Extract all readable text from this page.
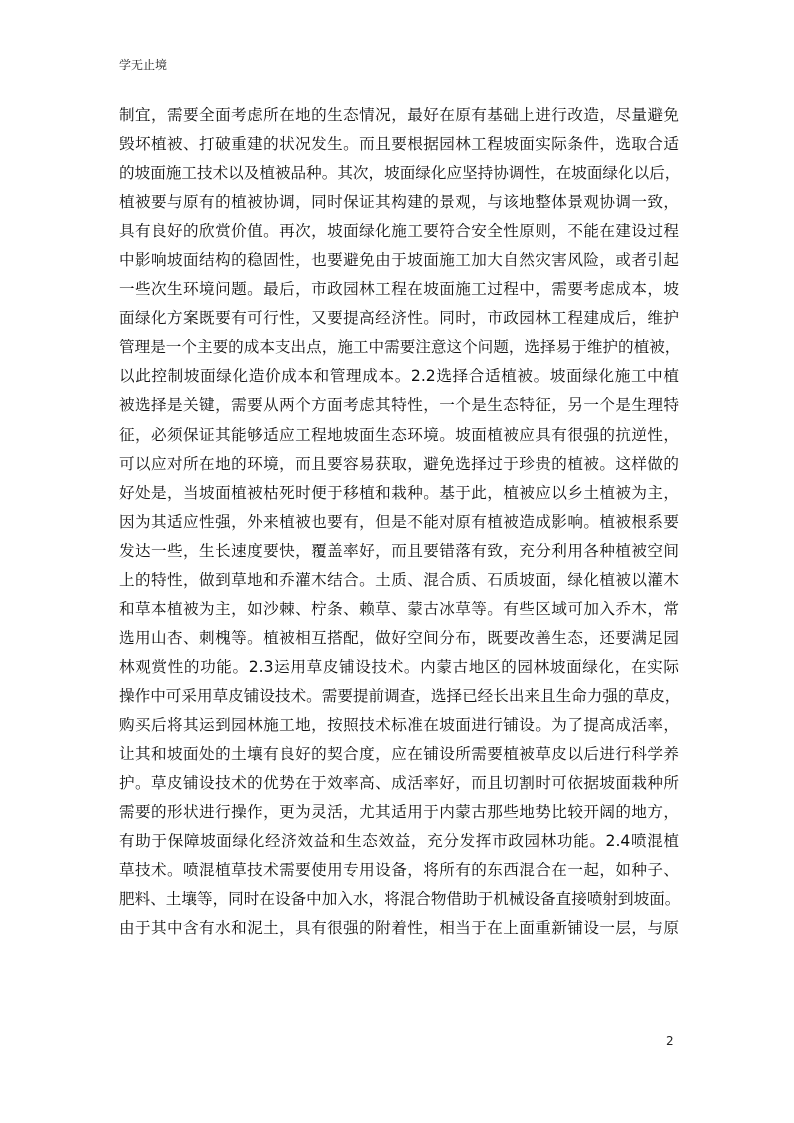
学无止境
制宜，需要全面考虑所在地的生态情况，最好在原有基础上进行改造，尽量避免
毁坏植被、打破重建的状况发生。而且要根据园林工程坡面实际条件，选取合适
的坡面施工技术以及植被品种。其次，坡面绿化应坚持协调性，在坡面绿化以后，
植被要与原有的植被协调，同时保证其构建的景观，与该地整体景观协调一致，
具有良好的欣赏价值。再次，坡面绿化施工要符合安全性原则，不能在建设过程
中影响坡面结构的稳固性，也要避免由于坡面施工加大自然灾害风险，或者引起
一些次生环境问题。最后，市政园林工程在坡面施工过程中，需要考虑成本，坡
面绿化方案既要有可行性，又要提高经济性。同时，市政园林工程建成后，维护
管理是一个主要的成本支出点，施工中需要注意这个问题，选择易于维护的植被，
以此控制坡面绿化造价成本和管理成本。2.2选择合适植被。坡面绿化施工中植
被选择是关键，需要从两个方面考虑其特性，一个是生态特征，另一个是生理特
征，必须保证其能够适应工程地坡面生态环境。坡面植被应具有很强的抗逆性，
可以应对所在地的环境，而且要容易获取，避免选择过于珍贵的植被。这样做的
好处是，当坡面植被枯死时便于移植和栽种。基于此，植被应以乡土植被为主，
因为其适应性强，外来植被也要有，但是不能对原有植被造成影响。植被根系要
发达一些，生长速度要快，覆盖率好，而且要错落有致，充分利用各种植被空间
上的特性，做到草地和乔灌木结合。土质、混合质、石质坡面，绿化植被以灌木
和草本植被为主，如沙棘、柠条、赖草、蒙古冰草等。有些区域可加入乔木，常
选用山杏、刺槐等。植被相互搭配，做好空间分布，既要改善生态，还要满足园
林观赏性的功能。2.3运用草皮铺设技术。内蒙古地区的园林坡面绿化，在实际
操作中可采用草皮铺设技术。需要提前调查，选择已经长出来且生命力强的草皮，
购买后将其运到园林施工地，按照技术标准在坡面进行铺设。为了提高成活率，
让其和坡面处的土壤有良好的契合度，应在铺设所需要植被草皮以后进行科学养
护。草皮铺设技术的优势在于效率高、成活率好，而且切割时可依据坡面栽种所
需要的形状进行操作，更为灵活，尤其适用于内蒙古那些地势比较开阔的地方，
有助于保障坡面绿化经济效益和生态效益，充分发挥市政园林功能。2.4喷混植
草技术。喷混植草技术需要使用专用设备，将所有的东西混合在一起，如种子、
肥料、土壤等，同时在设备中加入水，将混合物借助于机械设备直接喷射到坡面。
由于其中含有水和泥土，具有很强的附着性，相当于在上面重新铺设一层，与原
2
